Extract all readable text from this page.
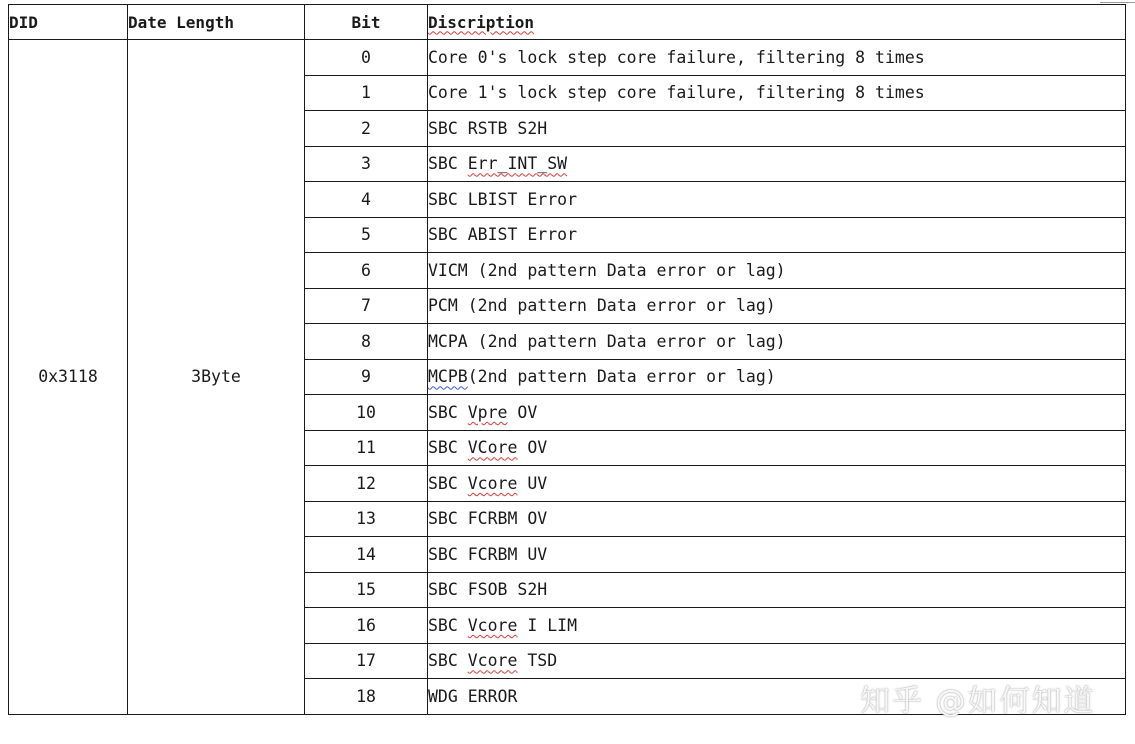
DID	Date Length	Bit	Discription
0x3118	3Byte	0	Core 0's lock step core failure, filtering 8 times
		1	Core 1's lock step core failure, filtering 8 times
		2	SBC RSTB S2H
		3	SBC Err_INT_SW
		4	SBC LBIST Error
		5	SBC ABIST Error
		6	VICM (2nd pattern Data error or lag)
		7	PCM (2nd pattern Data error or lag)
		8	MCPA (2nd pattern Data error or lag)
		9	MCPB(2nd pattern Data error or lag)
		10	SBC Vpre OV
		11	SBC VCore OV
		12	SBC Vcore UV
		13	SBC FCRBM OV
		14	SBC FCRBM UV
		15	SBC FSOB S2H
		16	SBC Vcore I LIM
		17	SBC Vcore TSD
		18	WDG ERROR	知乎 @如何知道
